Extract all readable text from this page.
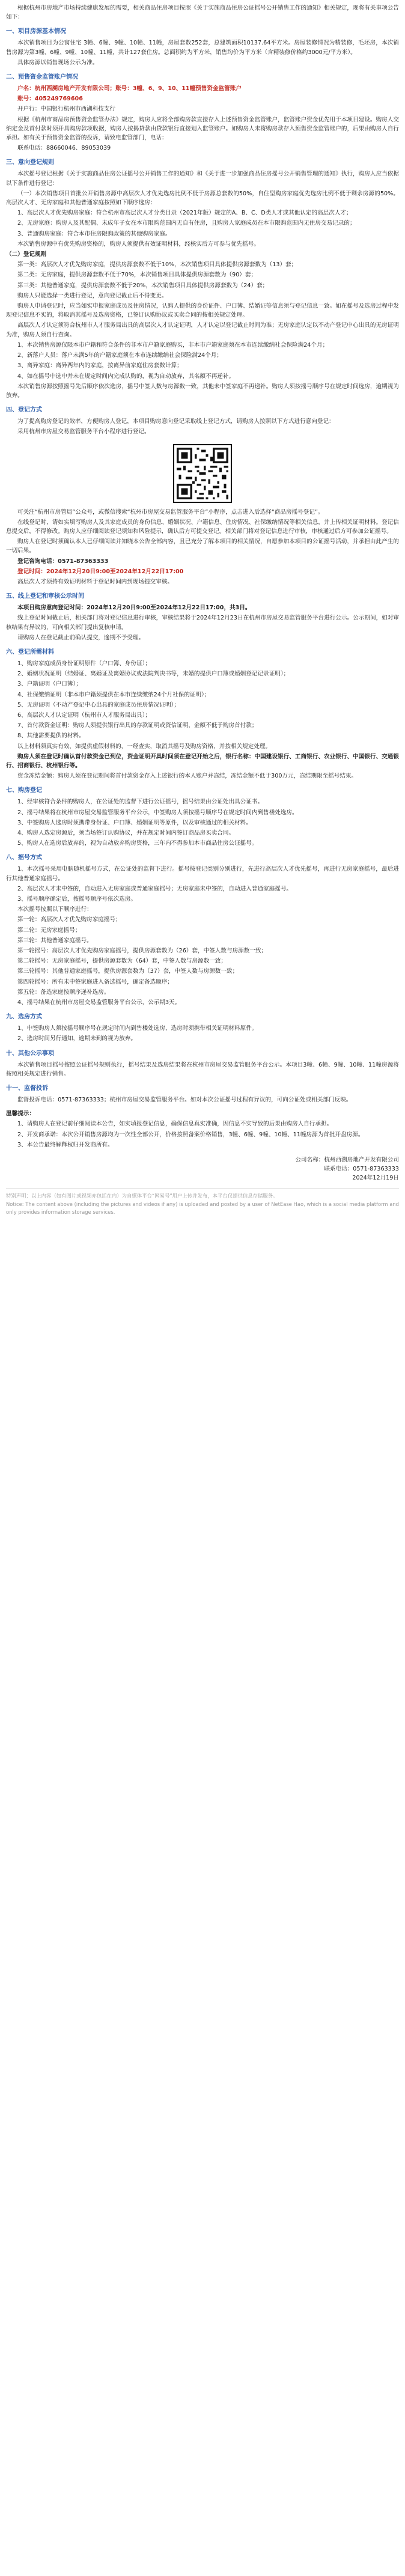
根据杭州市房地产市场持续健康发展的需要，相关商品住房项目按照《关于实施商品住房公证摇号公开销售工作的通知》相关规定，现将有关事项公告如下：

一、项目房源基本情况

本次销售项目为公寓住宅 3幢、6幢、9幢、10幢、11幢，房屋套数252套，总建筑面积10137.64平方米。房屋装修情况为精装修，毛坯房，本次销售房源为第3幢、6幢、9幢、10幢、11幢，共计127套住房。总面积约为平方米，销售均价为平方米（含精装修价格约3000元/平方米）。

具体房源以销售现场公示为准。

二、预售资金监管账户情况

户名：杭州西溯房地产开发有限公司；账号：3幢、6、9、10、11幢预售资金监管账户

账号：405249769606

开户行：中国银行杭州市西湖科技支行

根据《杭州市商品房预售资金监管办法》规定，购房人应将全部购房款直接存入上述预售资金监管账户，监管账户资金优先用于本项目建设。购房人交纳定金及首付款时须开具购房款项收据，购房人按揭贷款由贷款银行直接划入监管账户。如购房人未将购房款存入预售资金监管账户的，后果由购房人自行承担。如有关于预售资金监管的投诉，请致电监管部门，电话：

联系电话：88660046、89053039

三、意向登记规则

本次摇号登记根据《关于实施商品住房公证摇号公开销售工作的通知》和《关于进一步加强商品住房摇号公开销售管理的通知》执行，购房人应当依据以下条件进行登记：

（一）本次销售项目首批公开销售房源中高层次人才优先选房比例不低于房源总套数的50%，自住型购房家庭优先选房比例不低于剩余房源的50%。高层次人才、无房家庭和其他普通家庭按照如下顺序选房：

1、高层次人才优先购房家庭：符合杭州市高层次人才分类目录（2021年版）规定的A、B、C、D类人才或其他认定的高层次人才；

2、无房家庭：购房人及其配偶、未成年子女在本市限购范围内无自有住房，且购房人家庭成员在本市限购范围内无住房交易记录的；

3、普通购房家庭：符合本市住房限购政策的其他购房家庭。

本次销售房源中有优先购房资格的，购房人须提供有效证明材料，经核实后方可参与优先摇号。

（二）登记规则

第一类：高层次人才优先购房家庭，提供房源套数不低于10%，本次销售项目具体提供房源套数为（13）套；

第二类：无房家庭，提供房源套数不低于70%，本次销售项目具体提供房源套数为（90）套；

第三类：其他普通家庭，提供房源套数不低于20%，本次销售项目具体提供房源套数为（24）套；

购房人只能选择一类进行登记，意向登记截止后不得变更。

购房人申请登记时，应当如实申报家庭成员及住房情况，认购人提供的身份证件、户口簿、结婚证等信息须与登记信息一致。如在摇号及选房过程中发现登记信息不实的，将取消其摇号及选房资格，已签订认购协议或买卖合同的按相关规定处理。

高层次人才认定须符合杭州市人才服务局出具的高层次人才认定证明，人才认定以登记截止时间为准；无房家庭认定以不动产登记中心出具的无房证明为准，购房人须自行查询。

1、本次销售房源仅限本市户籍和符合条件的非本市户籍家庭购买，非本市户籍家庭须在本市连续缴纳社会保险满24个月；

2、新落户人员：落户未满5年的户籍家庭须在本市连续缴纳社会保险满24个月；

3、离异家庭：离异两年内的家庭，按离异前家庭住房套数计算；

4、如在摇号中选中并未在规定时间内完成认购的，视为自动放弃，其名额不再递补。

本次销售房源按照摇号先后顺序依次选房，摇号中签人数与房源数一致，其他未中签家庭不再递补。购房人须按摇号顺序号在规定时间选房，逾期视为放弃。

四、登记方式

为了提高购房登记的效率，方便购房人登记，本项目购房意向登记采取线上登记方式，请购房人按照以下方式进行意向登记：

采用杭州市房屋交易监管服务平台小程序进行登记。

可关注“杭州市房管局”公众号，或微信搜索“杭州市房屋交易监管服务平台”小程序，点击进入后选择“商品房摇号登记”。

在线登记时，请如实填写购房人及其家庭成员的身份信息、婚姻状况、户籍信息、住房情况、社保缴纳情况等相关信息，并上传相关证明材料。登记信息提交后，不得修改。购房人应仔细阅读登记须知和风险提示，确认后方可提交登记。相关部门将对登记信息进行审核，审核通过后方可参加公证摇号。

购房人在登记时须确认本人已仔细阅读并知晓本公告全部内容，且已充分了解本项目的相关情况，自愿参加本项目的公证摇号活动，并承担由此产生的一切后果。

登记咨询电话：0571-87363333

登记时间：2024年12月20日9:00至2024年12月22日17:00

高层次人才须持有效证明材料于登记时间内到现场提交审核。

五、线上登记和审核公示时间

本项目购房意向登记时间：2024年12月20日9:00至2024年12月22日17:00，共3日。

线上登记时间截止后，相关部门将对登记信息进行审核，审核结果将于2024年12月23日在杭州市房屋交易监管服务平台进行公示。公示期间，如对审核结果有异议的，可向相关部门提出复核申请。

请购房人在登记截止前确认提交，逾期不予受理。

六、登记所需材料

1、购房家庭成员身份证明原件（户口簿、身份证）；

2、婚姻状况证明（结婚证、离婚证及离婚协议或法院判决书等，未婚的提供户口簿或婚姻登记记录证明）；

3、户籍证明（户口簿）；

4、社保缴纳证明（非本市户籍须提供在本市连续缴纳24个月社保的证明）；

5、无房证明（不动产登记中心出具的家庭成员住房情况证明）；

6、高层次人才认定证明（杭州市人才服务局出具）；

7、首付款资金证明：购房人须提供银行出具的存款证明或资信证明，金额不低于购房首付款；

8、其他需要提供的材料。

以上材料须真实有效，如提供虚假材料的，一经查实，取消其摇号及购房资格，并按相关规定处理。

购房人须在登记时确认首付款资金已到位，资金证明开具时间须在登记开始之后，银行名称：中国建设银行、工商银行、农业银行、中国银行、交通银行、招商银行、杭州银行等。

资金冻结金额：购房人须在登记期间将首付款资金存入上述银行的本人账户并冻结，冻结金额不低于300万元，冻结期限至摇号结束。

七、购房登记

1、经审核符合条件的购房人，在公证处的监督下进行公证摇号，摇号结果由公证处出具公证书。

2、摇号结果将在杭州市房屋交易监管服务平台公示，中签购房人须按摇号顺序号在规定时间内到售楼处选房。

3、中签购房人选房时须携带身份证、户口簿、婚姻证明等原件，以及审核通过的相关材料。

4、购房人选定房源后，须当场签订认购协议，并在规定时间内签订商品房买卖合同。

5、购房人在选房后放弃的，视为自动放弃购房资格，三年内不得参加本市商品住房公证摇号。

八、摇号方式

1、本次摇号采用电脑随机摇号方式，在公证处的监督下进行。摇号按登记类别分别进行，先进行高层次人才优先摇号，再进行无房家庭摇号，最后进行其他普通家庭摇号。

2、高层次人才未中签的，自动进入无房家庭或普通家庭摇号；无房家庭未中签的，自动进入普通家庭摇号。

3、摇号顺序确定后，按摇号顺序号依次选房。

本次摇号按照以下顺序进行：

第一轮：高层次人才优先购房家庭摇号；

第二轮：无房家庭摇号；

第三轮：其他普通家庭摇号。

第一轮摇号：高层次人才优先购房家庭摇号，提供房源套数为（26）套，中签人数与房源数一致；

第二轮摇号：无房家庭摇号，提供房源套数为（64）套，中签人数与房源数一致；

第三轮摇号：其他普通家庭摇号，提供房源套数为（37）套，中签人数与房源数一致；

第四轮摇号：所有未中签家庭进入备选摇号，确定备选顺序；

第五轮：备选家庭按顺序递补选房。

4、摇号结果在杭州市房屋交易监管服务平台公示，公示期3天。

九、选房方式

1、中签购房人须按摇号顺序号在规定时间内到售楼处选房，选房时须携带相关证明材料原件。

2、选房时间另行通知，逾期未到的视为放弃。

十、其他公示事项

本次销售项目摇号按照公证摇号规则执行，摇号结果及选房结果将在杭州市房屋交易监管服务平台公示。本项目3幢、6幢、9幢、10幢、11幢房源将按照相关规定进行销售。

十一、监督投诉

监督投诉电话：0571-87363333；杭州市房屋交易监管服务平台。如对本次公证摇号过程有异议的，可向公证处或相关部门反映。

温馨提示：

1、请购房人在登记前仔细阅读本公告，如实填报登记信息，确保信息真实准确，因信息不实导致的后果由购房人自行承担。

2、开发商承诺：本次公开销售房源均为一次性全部公开，价格按照备案价格销售，3幢、6幢、9幢、10幢、11幢房源为首批开盘房源。

3、本公告最终解释权归开发商所有。

公司名称：杭州西溯房地产开发有限公司

联系电话：0571-87363333

2024年12月19日

特别声明：以上内容（如有图片或视频亦包括在内）为自媒体平台“网易号”用户上传并发布，本平台仅提供信息存储服务。

Notice: The content above (including the pictures and videos if any) is uploaded and posted by a user of NetEase Hao, which is a social media platform and only provides information storage services.
